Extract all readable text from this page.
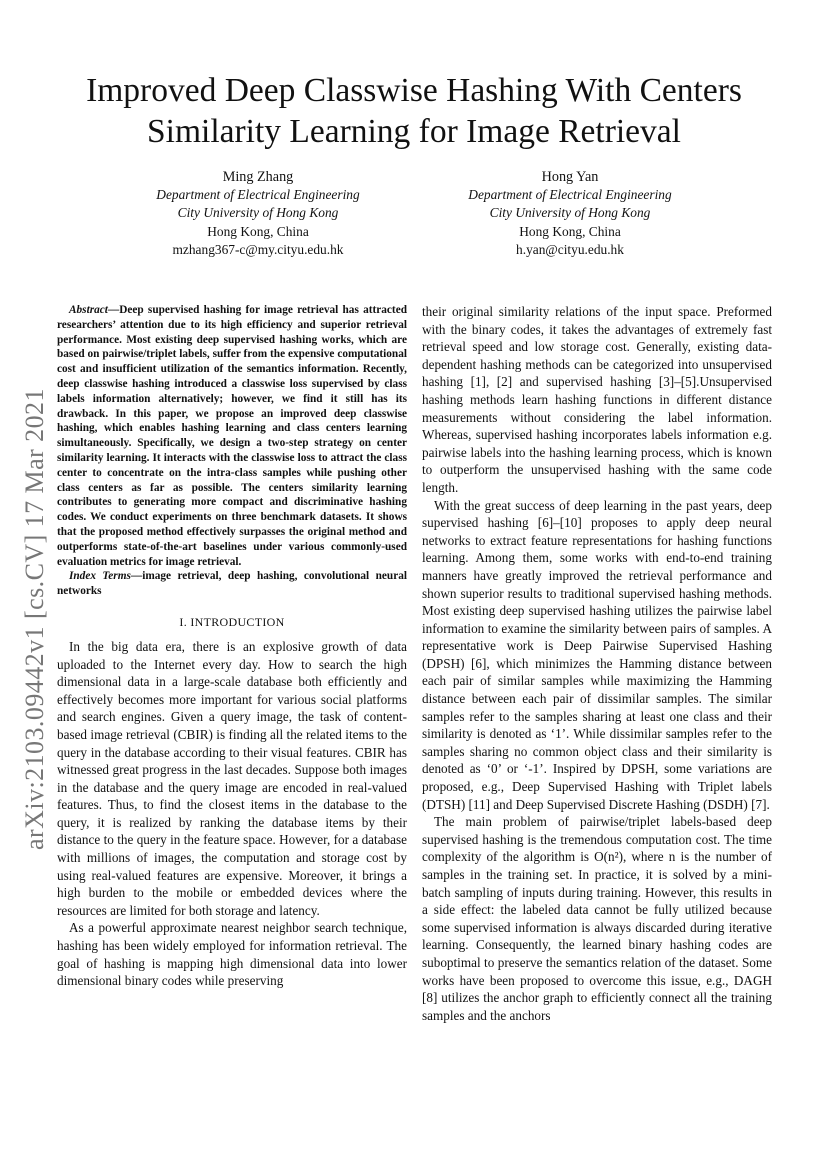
Improved Deep Classwise Hashing With Centers
Similarity Learning for Image Retrieval
Ming Zhang
Department of Electrical Engineering
City University of Hong Kong
Hong Kong, China
mzhang367-c@my.cityu.edu.hk
Hong Yan
Department of Electrical Engineering
City University of Hong Kong
Hong Kong, China
h.yan@cityu.edu.hk
arXiv:2103.09442v1 [cs.CV] 17 Mar 2021

Abstract—Deep supervised hashing for image retrieval has attracted researchers’ attention due to its high efficiency and superior retrieval performance. Most existing deep supervised hashing works, which are based on pairwise/triplet labels, suffer from the expensive computational cost and insufficient utilization of the semantics information. Recently, deep classwise hashing introduced a classwise loss supervised by class labels information alternatively; however, we find it still has its drawback. In this paper, we propose an improved deep classwise hashing, which enables hashing learning and class centers learning simultaneously. Specifically, we design a two-step strategy on center similarity learning. It interacts with the classwise loss to attract the class center to concentrate on the intra-class samples while pushing other class centers as far as possible. The centers similarity learning contributes to generating more compact and discriminative hashing codes. We conduct experiments on three benchmark datasets. It shows that the proposed method effectively surpasses the original method and outperforms state-of-the-art baselines under various commonly-used evaluation metrics for image retrieval.

Index Terms—image retrieval, deep hashing, convolutional neural networks

I. INTRODUCTION

In the big data era, there is an explosive growth of data uploaded to the Internet every day. How to search the high dimensional data in a large-scale database both efficiently and effectively becomes more important for various social platforms and search engines. Given a query image, the task of content-based image retrieval (CBIR) is finding all the related items to the query in the database according to their visual features. CBIR has witnessed great progress in the last decades. Suppose both images in the database and the query image are encoded in real-valued features. Thus, to find the closest items in the database to the query, it is realized by ranking the database items by their distance to the query in the feature space. However, for a database with millions of images, the computation and storage cost by using real-valued features are expensive. Moreover, it brings a high burden to the mobile or embedded devices where the resources are limited for both storage and latency.

As a powerful approximate nearest neighbor search technique, hashing has been widely employed for information retrieval. The goal of hashing is mapping high dimensional data into lower dimensional binary codes while preserving

their original similarity relations of the input space. Preformed with the binary codes, it takes the advantages of extremely fast retrieval speed and low storage cost. Generally, existing data-dependent hashing methods can be categorized into unsupervised hashing [1], [2] and supervised hashing [3]–[5].Unsupervised hashing methods learn hashing functions in different distance measurements without considering the label information. Whereas, supervised hashing incorporates labels information e.g. pairwise labels into the hashing learning process, which is known to outperform the unsupervised hashing with the same code length.

With the great success of deep learning in the past years, deep supervised hashing [6]–[10] proposes to apply deep neural networks to extract feature representations for hashing functions learning. Among them, some works with end-to-end training manners have greatly improved the retrieval performance and shown superior results to traditional supervised hashing methods. Most existing deep supervised hashing utilizes the pairwise label information to examine the similarity between pairs of samples. A representative work is Deep Pairwise Supervised Hashing (DPSH) [6], which minimizes the Hamming distance between each pair of similar samples while maximizing the Hamming distance between each pair of dissimilar samples. The similar samples refer to the samples sharing at least one class and their similarity is denoted as ‘1’. While dissimilar samples refer to the samples sharing no common object class and their similarity is denoted as ‘0’ or ‘-1’. Inspired by DPSH, some variations are proposed, e.g., Deep Supervised Hashing with Triplet labels (DTSH) [11] and Deep Supervised Discrete Hashing (DSDH) [7].

The main problem of pairwise/triplet labels-based deep supervised hashing is the tremendous computation cost. The time complexity of the algorithm is O(n²), where n is the number of samples in the training set. In practice, it is solved by a mini-batch sampling of inputs during training. However, this results in a side effect: the labeled data cannot be fully utilized because some supervised information is always discarded during iterative learning. Consequently, the learned binary hashing codes are suboptimal to preserve the semantics relation of the dataset. Some works have been proposed to overcome this issue, e.g., DAGH [8] utilizes the anchor graph to efficiently connect all the training samples and the anchors
